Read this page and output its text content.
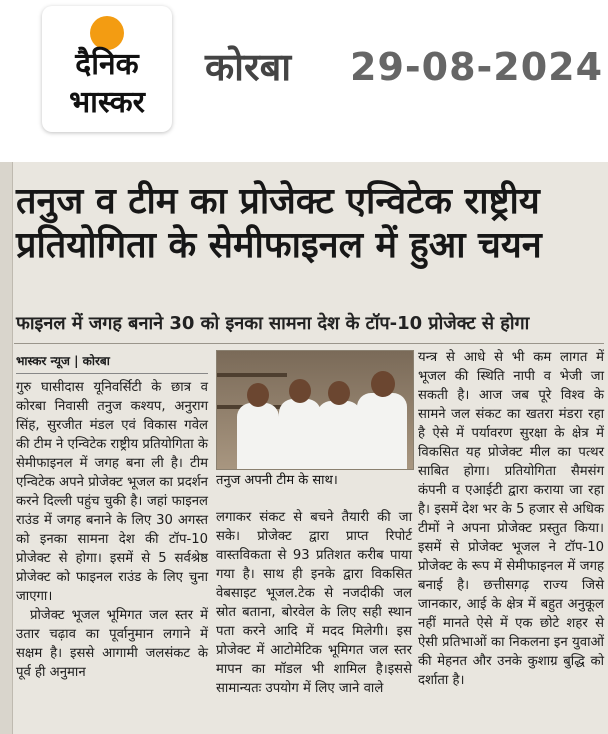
दैनिक
भास्कर
कोरबा 29-08-2024
तनुज व टीम का प्रोजेक्ट एन्विटेक राष्ट्रीय
प्रतियोगिता के सेमीफाइनल में हुआ चयन
फाइनल में जगह बनाने 30 को इनका सामना देश के टॉप-10 प्रोजेक्ट से होगा
भास्कर न्यूज | कोरबा

गुरु घासीदास यूनिवर्सिटी के छात्र व कोरबा निवासी तनुज कश्यप, अनुराग सिंह, सुरजीत मंडल एवं विकास गवेल की टीम ने एन्विटेक राष्ट्रीय प्रतियोगिता के सेमीफाइनल में जगह बना ली है। टीम एन्विटेक अपने प्रोजेक्ट भूजल का प्रदर्शन करने दिल्ली पहुंच चुकी है। जहां फाइनल राउंड में जगह बनाने के लिए 30 अगस्त को इनका सामना देश की टॉप-10 प्रोजेक्ट से होगा। इसमें से 5 सर्वश्रेष्ठ प्रोजेक्ट को फाइनल राउंड के लिए चुना जाएगा।

प्रोजेक्ट भूजल भूमिगत जल स्तर में उतार चढ़ाव का पूर्वानुमान लगाने में सक्षम है। इससे आगामी जलसंकट के पूर्व ही अनुमान

तनुज अपनी टीम के साथ।

लगाकर संकट से बचने तैयारी की जा सके। प्रोजेक्ट द्वारा प्राप्त रिपोर्ट वास्तविकता से 93 प्रतिशत करीब पाया गया है। साथ ही इनके द्वारा विकसित वेबसाइट भूजल.टेक से नजदीकी जल स्रोत बताना, बोरवेल के लिए सही स्थान पता करने आदि में मदद मिलेगी। इस प्रोजेक्ट में आटोमेटिक भूमिगत जल स्तर मापन का मॉडल भी शामिल है।इससे सामान्यतः उपयोग में लिए जाने वाले

यन्त्र से आधे से भी कम लागत में भूजल की स्थिति नापी व भेजी जा सकती है। आज जब पूरे विश्व के सामने जल संकट का खतरा मंडरा रहा है ऐसे में पर्यावरण सुरक्षा के क्षेत्र में विकसित यह प्रोजेक्ट मील का पत्थर साबित होगा। प्रतियोगिता सैमसंग कंपनी व एआईटी द्वारा कराया जा रहा है। इसमें देश भर के 5 हजार से अधिक टीमों ने अपना प्रोजेक्ट प्रस्तुत किया। इसमें से प्रोजेक्ट भूजल ने टॉप-10 प्रोजेक्ट के रूप में सेमीफाइनल में जगह बनाई है। छत्तीसगढ़ राज्य जिसे जानकार, आई के क्षेत्र में बहुत अनुकूल नहीं मानते ऐसे में एक छोटे शहर से ऐसी प्रतिभाओं का निकलना इन युवाओं की मेहनत और उनके कुशाग्र बुद्धि को दर्शाता है।
